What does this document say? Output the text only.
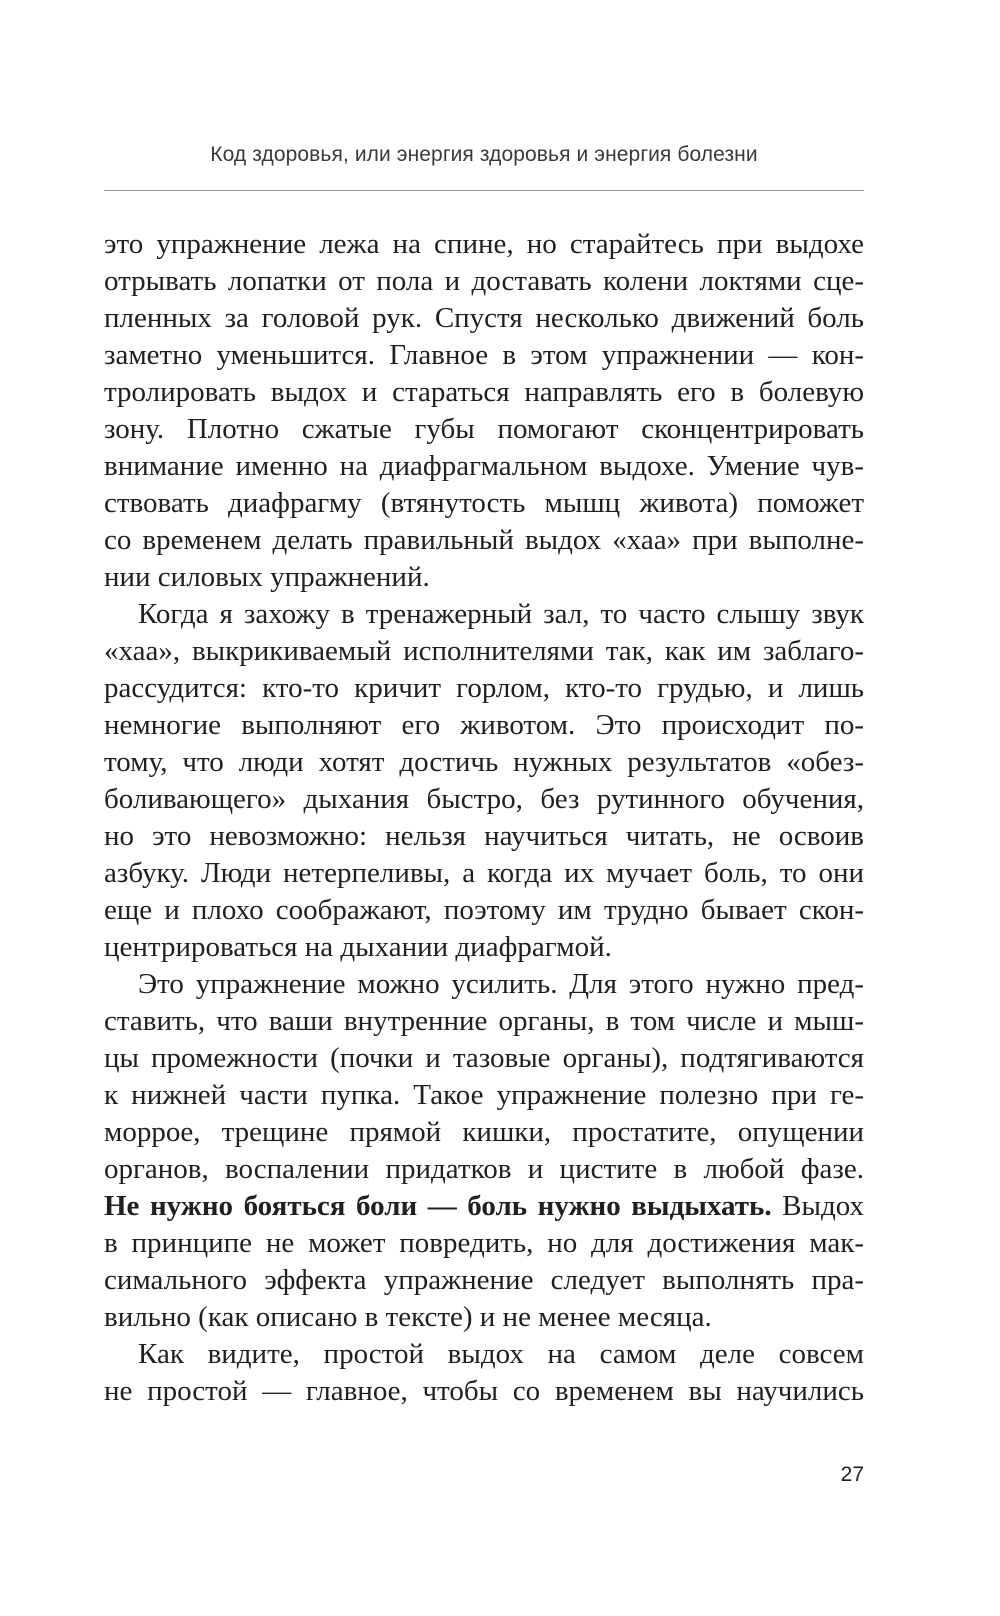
Код здоровья, или энергия здоровья и энергия болезни
это упражнение лежа на спине, но старайтесь при выдохе
отрывать лопатки от пола и доставать колени локтями сце-
пленных за головой рук. Спустя несколько движений боль
заметно уменьшится. Главное в этом упражнении — кон-
тролировать выдох и стараться направлять его в болевую
зону. Плотно сжатые губы помогают сконцентрировать
внимание именно на диафрагмальном выдохе. Умение чув-
ствовать диафрагму (втянутость мышц живота) поможет
со временем делать правильный выдох «хаа» при выполне-
нии силовых упражнений.
Когда я захожу в тренажерный зал, то часто слышу звук
«хаа», выкрикиваемый исполнителями так, как им заблаго-
рассудится: кто-то кричит горлом, кто-то грудью, и лишь
немногие выполняют его животом. Это происходит по-
тому, что люди хотят достичь нужных результатов «обез-
боливающего» дыхания быстро, без рутинного обучения,
но это невозможно: нельзя научиться читать, не освоив
азбуку. Люди нетерпеливы, а когда их мучает боль, то они
еще и плохо соображают, поэтому им трудно бывает скон-
центрироваться на дыхании диафрагмой.
Это упражнение можно усилить. Для этого нужно пред-
ставить, что ваши внутренние органы, в том числе и мыш-
цы промежности (почки и тазовые органы), подтягиваются
к нижней части пупка. Такое упражнение полезно при ге-
морроe, трещине прямой кишки, простатите, опущении
органов, воспалении придатков и цистите в любой фазе.
Не нужно бояться боли — боль нужно выдыхать. Выдох
в принципе не может повредить, но для достижения мак-
симального эффекта упражнение следует выполнять пра-
вильно (как описано в тексте) и не менее месяца.
Как видите, простой выдох на самом деле совсем
не простой — главное, чтобы со временем вы научились
27
